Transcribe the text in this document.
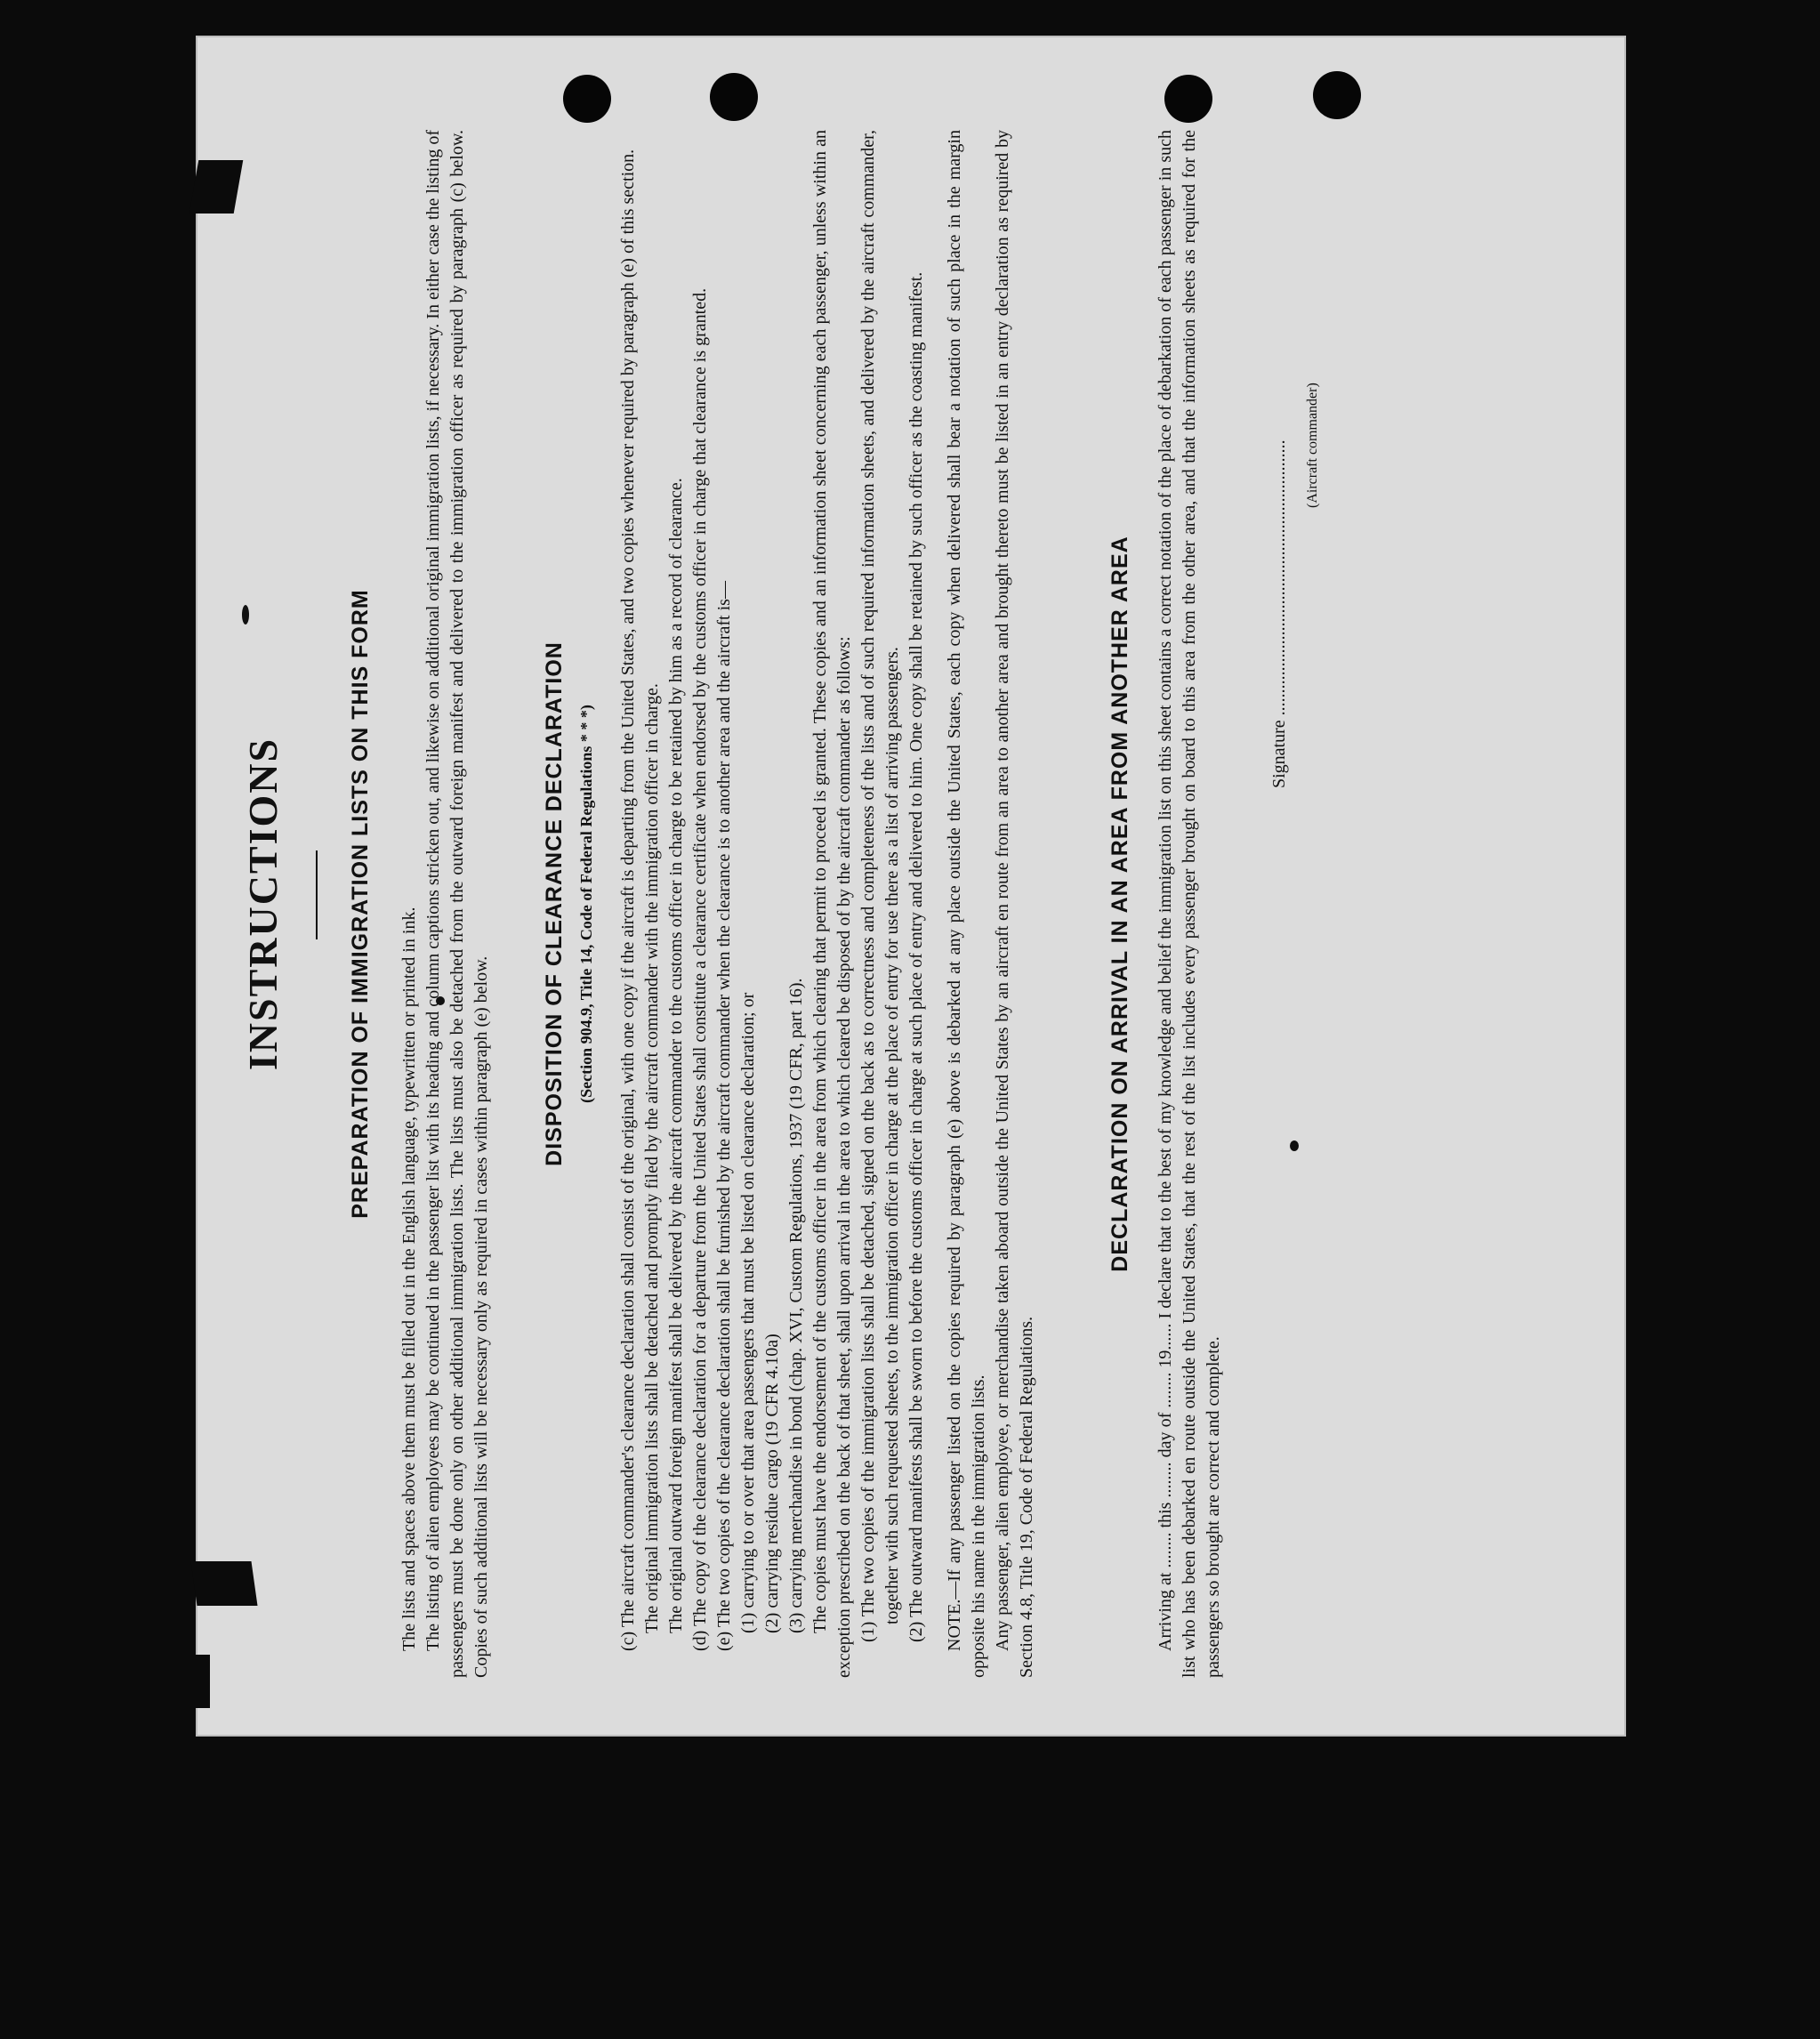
INSTRUCTIONS	PREPARATION OF IMMIGRATION LISTS ON THIS FORM

The lists and spaces above them must be filled out in the English language, typewritten or printed in ink. The listing of alien employees may be continued in the passenger list with its heading and column captions stricken out, and likewise on additional original immigration lists, if necessary. In either case the listing of passengers must be done only on other additional immigration lists. The lists must also be detached from the outward foreign manifest and delivered to the immigration officer as required by paragraph (c) below. Copies of such additional lists will be necessary only as required in cases within paragraph (e) below.

DISPOSITION OF CLEARANCE DECLARATION (Section 904.9, Title 14, Code of Federal Regulations * * *) (c) The aircraft commander's clearance declaration shall consist of the original, with one copy if the aircraft is departing from the United States, and two copies whenever required by paragraph (e) of this section. The original immigration lists shall be detached and promptly filed by the aircraft commander with the immigration officer in charge. The original outward foreign manifest shall be delivered by the aircraft commander to the customs officer in charge to be retained by him as a record of clearance. (d) The copy of the clearance declaration for a departure from the United States shall constitute a clearance certificate when endorsed by the customs officer in charge that clearance is granted. (e) The two copies of the clearance declaration shall be furnished by the aircraft commander when the clearance is to another area and the aircraft is— (1) carrying to or over that area passengers that must be listed on clearance declaration; or (2) carrying residue cargo (19 CFR 4.10a) (3) carrying merchandise in bond (chap. XVI, Custom Regulations, 1937 (19 CFR, part 16). The copies must have the endorsement of the customs officer in the area from which clearing that permit to proceed is granted. These copies and an information sheet concerning each passenger, unless within an exception prescribed on the back of that sheet, shall upon arrival in the area to which cleared be disposed of by the aircraft commander as follows: (1) The two copies of the immigration lists shall be detached, signed on the back as to correctness and completeness of the lists and of such required information sheets, and delivered by the aircraft commander, together with such requested sheets, to the immigration officer in charge at the place of entry for use there as a list of arriving passengers. (2) The outward manifests shall be sworn to before the customs officer in charge at such place of entry and delivered to him. One copy shall be retained by such officer as the coasting manifest. NOTE.—If any passenger listed on the copies required by paragraph (e) above is debarked at any place outside the United States, each copy when delivered shall bear a notation of such place in the margin opposite his name in the immigration lists. Any passenger, alien employee, or merchandise taken aboard outside the United States by an aircraft en route from an area to another area and brought thereto must be listed in an entry declaration as required by Section 4.8, Title 19, Code of Federal Regulations.

DECLARATION ON ARRIVAL IN AN AREA FROM ANOTHER AREA Arriving at ........ this ........ day of ........ 19...... I declare that to the best of my knowledge and belief the immigration list on this sheet contains a correct notation of the place of debarkation of each passenger in such list who has been debarked en route outside the United States, that the rest of the list includes every passenger brought on board to this area from the other area, and that the information sheets as required for the passengers so brought are correct and complete.

Signature .............................................................. (Aircraft commander)
